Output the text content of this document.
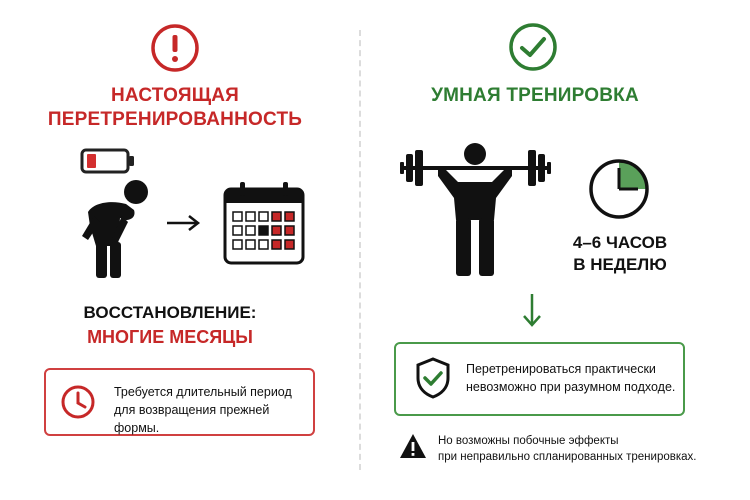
НАСТОЯЩАЯ
ПЕРЕТРЕНИРОВАННОСТЬ
ВОССТАНОВЛЕНИЕ:
МНОГИЕ МЕСЯЦЫ
Требуется длительный период
для возвращения прежней формы.
УМНАЯ ТРЕНИРОВКА
4–6 ЧАСОВ
В НЕДЕЛЮ
Перетренироваться практически
невозможно при разумном подходе.
Но возможны побочные эффекты
при неправильно спланированных тренировках.
